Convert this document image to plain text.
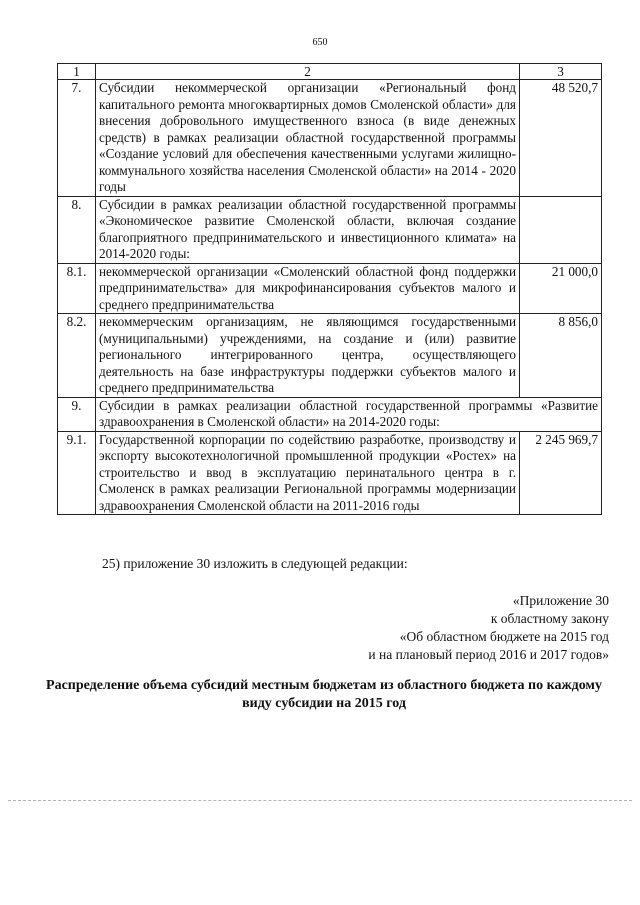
650
1	2	3
7.	Субсидии некоммерческой организации «Региональный фонд капитального ремонта многоквартирных домов Смоленской области» для внесения добровольного имущественного взноса (в виде денежных средств) в рамках реализации областной государственной программы «Создание условий для обеспечения качественными услугами жилищно-коммунального хозяйства населения Смоленской области» на 2014 - 2020 годы	48 520,7
8.	Субсидии в рамках реализации областной государственной программы «Экономическое развитие Смоленской области, включая создание благоприятного предпринимательского и инвестиционного климата» на 2014-2020 годы:	
8.1.	некоммерческой организации «Смоленский областной фонд поддержки предпринимательства» для микрофинансирования субъектов малого и среднего предпринимательства	21 000,0
8.2.	некоммерческим организациям, не являющимся государственными (муниципальными) учреждениями, на создание и (или) развитие регионального интегрированного центра, осуществляющего деятельность на базе инфраструктуры поддержки субъектов малого и среднего предпринимательства	8 856,0
9.	Субсидии в рамках реализации областной государственной программы «Развитие здравоохранения в Смоленской области» на 2014-2020 годы:	
9.1.	Государственной корпорации по содействию разработке, производству и экспорту высокотехнологичной промышленной продукции «Ростех» на строительство и ввод в эксплуатацию перинатального центра в г. Смоленск в рамках реализации Региональной программы модернизации здравоохранения Смоленской области на 2011-2016 годы	2 245 969,7
25) приложение 30 изложить в следующей редакции:
«Приложение 30
к областному закону
«Об областном бюджете на 2015 год
и на плановый период 2016 и 2017 годов»
Распределение объема субсидий местным бюджетам из областного бюджета по каждому виду субсидии на 2015 год
